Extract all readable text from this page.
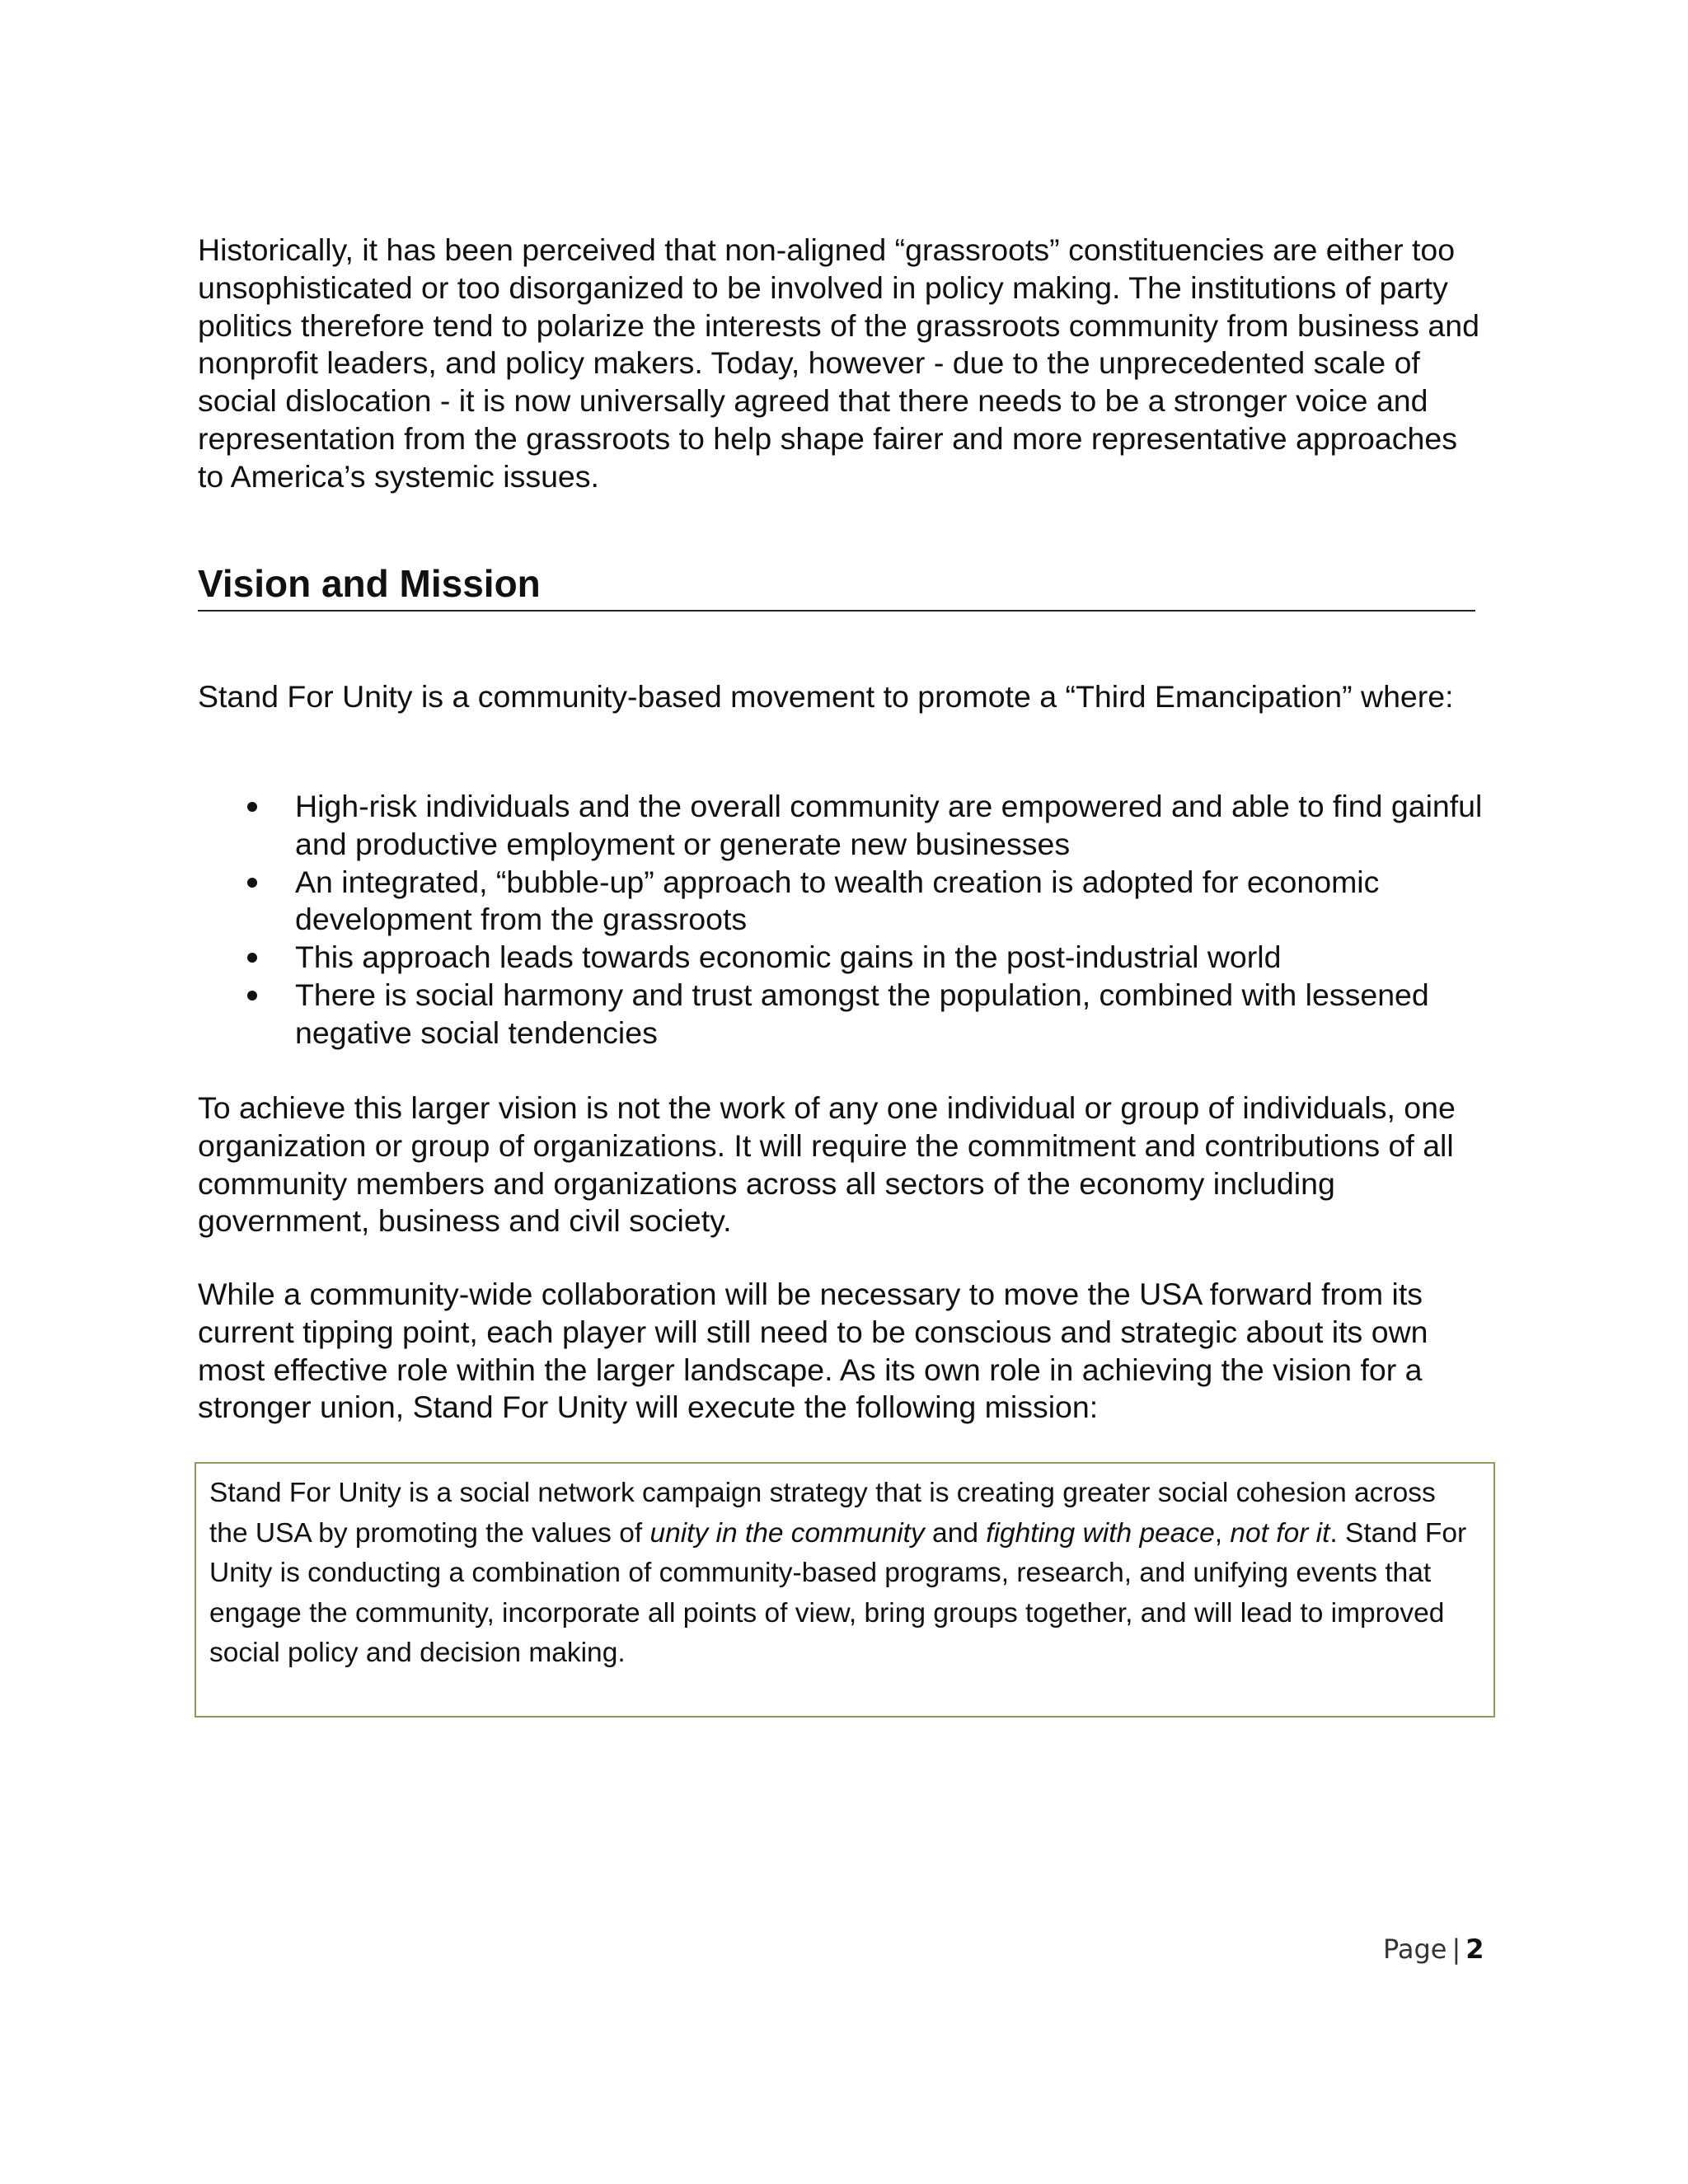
Historically, it has been perceived that non-aligned “grassroots” constituencies are either too unsophisticated or too disorganized to be involved in policy making. The institutions of party politics therefore tend to polarize the interests of the grassroots community from business and nonprofit leaders, and policy makers. Today, however - due to the unprecedented scale of social dislocation - it is now universally agreed that there needs to be a stronger voice and representation from the grassroots to help shape fairer and more representative approaches to America’s systemic issues.

Vision and Mission

Stand For Unity is a community-based movement to promote a “Third Emancipation” where:

High-risk individuals and the overall community are empowered and able to find gainful and productive employment or generate new businesses
An integrated, “bubble-up” approach to wealth creation is adopted for economic development from the grassroots
This approach leads towards economic gains in the post-industrial world
There is social harmony and trust amongst the population, combined with lessened negative social tendencies

To achieve this larger vision is not the work of any one individual or group of individuals, one organization or group of organizations. It will require the commitment and contributions of all community members and organizations across all sectors of the economy including government, business and civil society.

While a community-wide collaboration will be necessary to move the USA forward from its current tipping point, each player will still need to be conscious and strategic about its own most effective role within the larger landscape. As its own role in achieving the vision for a stronger union, Stand For Unity will execute the following mission:

Stand For Unity is a social network campaign strategy that is creating greater social cohesion across the USA by promoting the values of unity in the community and fighting with peace, not for it. Stand For Unity is conducting a combination of community-based programs, research, and unifying events that engage the community, incorporate all points of view, bring groups together, and will lead to improved social policy and decision making.
Page | 2
